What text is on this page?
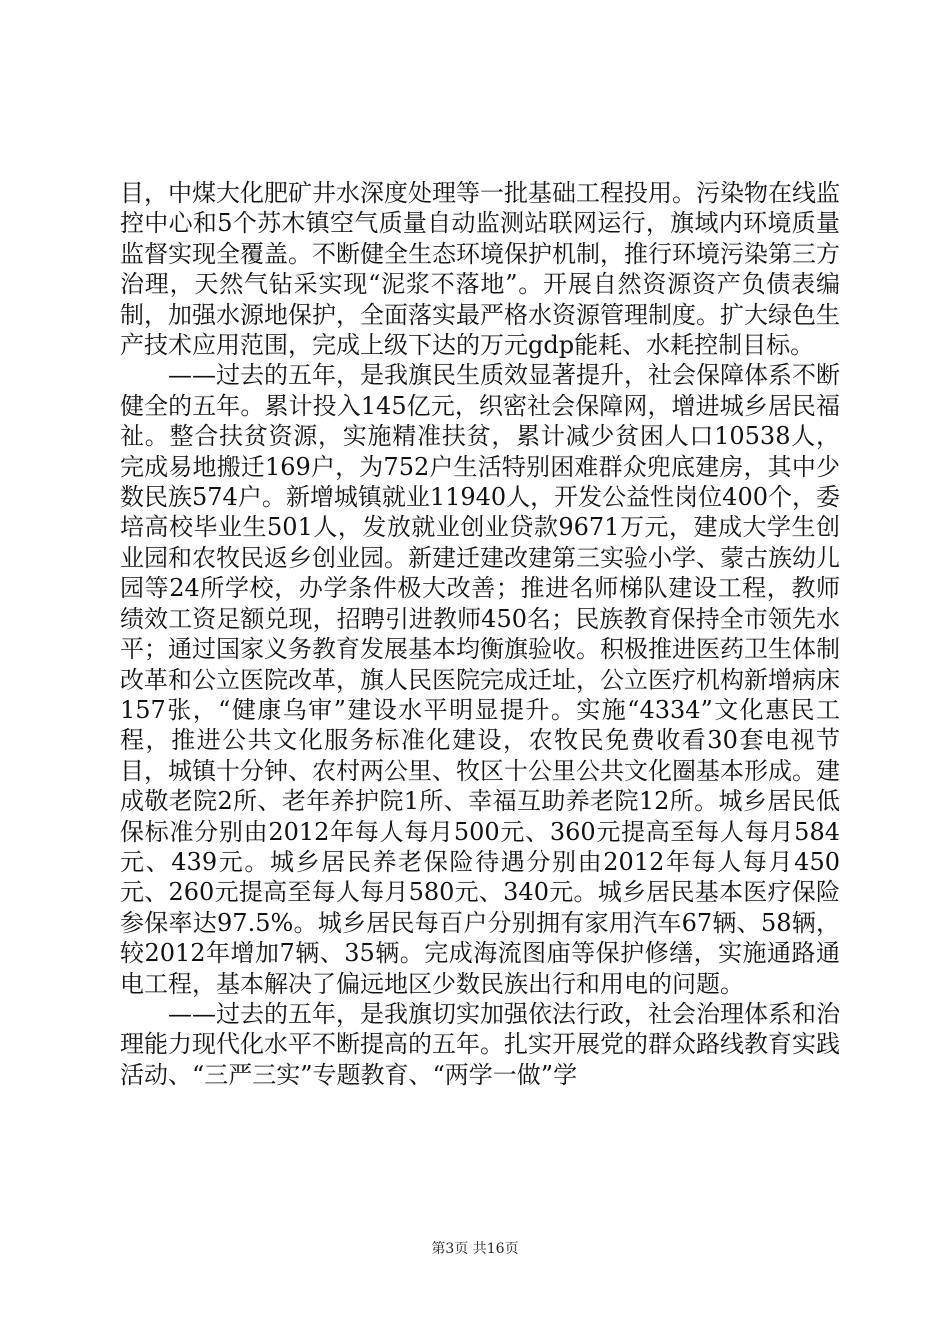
目，中煤大化肥矿井水深度处理等一批基础工程投用。污染物在线监控中心和5个苏木镇空气质量自动监测站联网运行，旗域内环境质量监督实现全覆盖。不断健全生态环境保护机制，推行环境污染第三方治理，天然气钻采实现“泥浆不落地”。开展自然资源资产负债表编制，加强水源地保护，全面落实最严格水资源管理制度。扩大绿色生产技术应用范围，完成上级下达的万元gdp能耗、水耗控制目标。

——过去的五年，是我旗民生质效显著提升，社会保障体系不断健全的五年。累计投入145亿元，织密社会保障网，增进城乡居民福祉。整合扶贫资源，实施精准扶贫，累计减少贫困人口10538人，完成易地搬迁169户，为752户生活特别困难群众兜底建房，其中少数民族574户。新增城镇就业11940人，开发公益性岗位400个，委培高校毕业生501人，发放就业创业贷款9671万元，建成大学生创业园和农牧民返乡创业园。新建迁建改建第三实验小学、蒙古族幼儿园等24所学校，办学条件极大改善；推进名师梯队建设工程，教师绩效工资足额兑现，招聘引进教师450名；民族教育保持全市领先水平；通过国家义务教育发展基本均衡旗验收。积极推进医药卫生体制改革和公立医院改革，旗人民医院完成迁址，公立医疗机构新增病床157张，“健康乌审”建设水平明显提升。实施“4334”文化惠民工程，推进公共文化服务标准化建设，农牧民免费收看30套电视节目，城镇十分钟、农村两公里、牧区十公里公共文化圈基本形成。建成敬老院2所、老年养护院1所、幸福互助养老院12所。城乡居民低保标准分别由2012年每人每月500元、360元提高至每人每月584元、439元。城乡居民养老保险待遇分别由2012年每人每月450元、260元提高至每人每月580元、340元。城乡居民基本医疗保险参保率达97.5%。城乡居民每百户分别拥有家用汽车67辆、58辆，较2012年增加7辆、35辆。完成海流图庙等保护修缮，实施通路通电工程，基本解决了偏远地区少数民族出行和用电的问题。

——过去的五年，是我旗切实加强依法行政，社会治理体系和治理能力现代化水平不断提高的五年。扎实开展党的群众路线教育实践活动、“三严三实”专题教育、“两学一做”学

第3页 共16页
